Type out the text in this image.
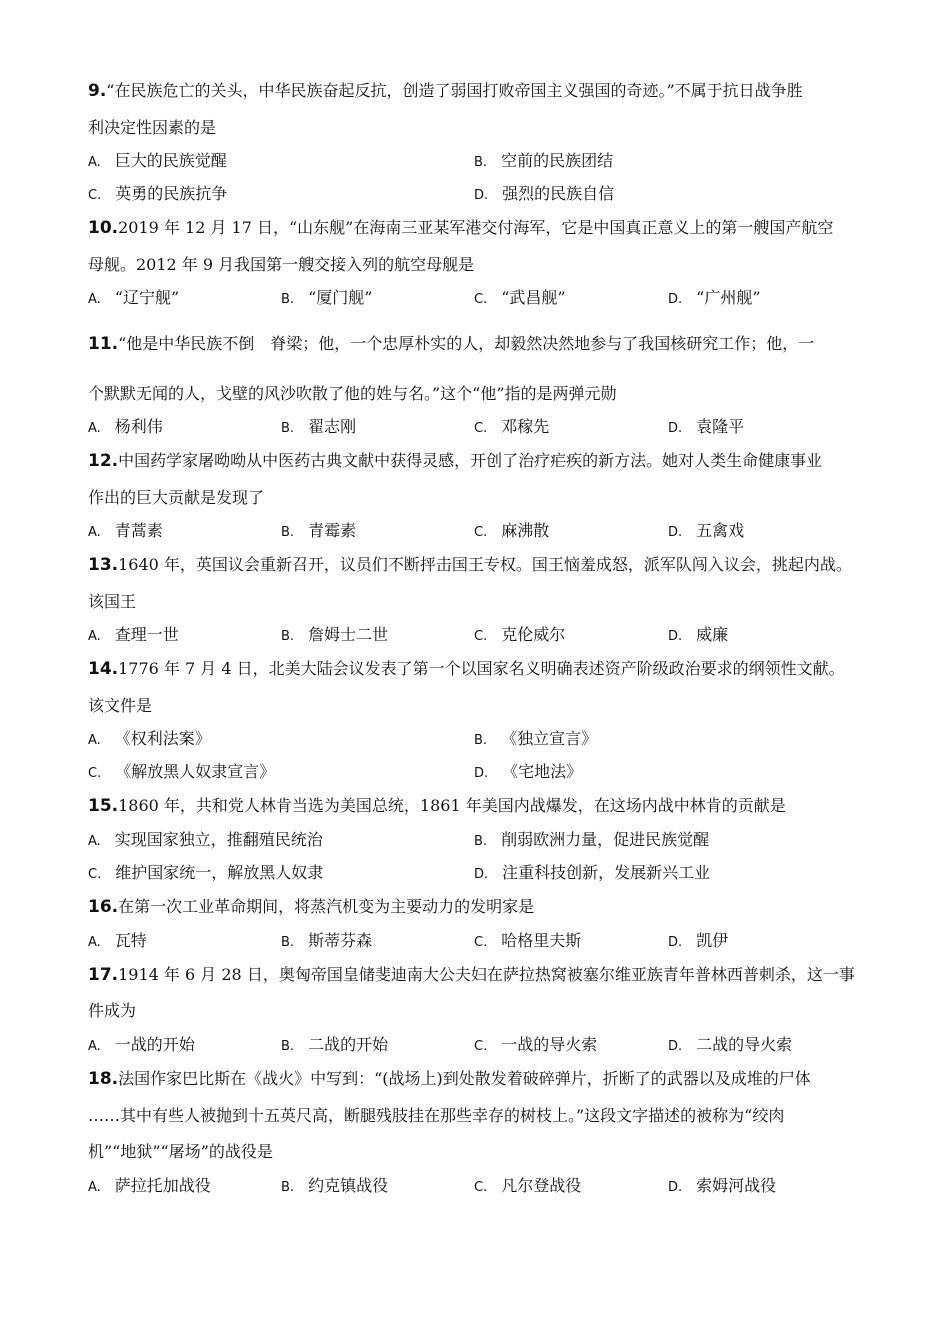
9.“在民族危亡的关头，中华民族奋起反抗，创造了弱国打败帝国主义强国的奇迹。”不属于抗日战争胜
利决定性因素的是
A. 巨大的民族觉醒	B. 空前的民族团结
C. 英勇的民族抗争	D. 强烈的民族自信
10.2019 年 12 月 17 日，“山东舰”在海南三亚某军港交付海军，它是中国真正意义上的第一艘国产航空
母舰。2012 年 9 月我国第一艘交接入列的航空母舰是
A. “辽宁舰”	B. “厦门舰”	C. “武昌舰”	D. “广州舰”
11.“他是中华民族不倒　脊梁；他，一个忠厚朴实的人，却毅然决然地参与了我国核研究工作；他，一
个默默无闻的人，戈壁的风沙吹散了他的姓与名。”这个“他”指的是两弹元勋
A. 杨利伟	B. 翟志刚	C. 邓稼先	D. 袁隆平
12.中国药学家屠呦呦从中医药古典文献中获得灵感，开创了治疗疟疾的新方法。她对人类生命健康事业
作出的巨大贡献是发现了
A. 青蒿素	B. 青霉素	C. 麻沸散	D. 五禽戏
13.1640 年，英国议会重新召开，议员们不断抨击国王专权。国王恼羞成怒，派军队闯入议会，挑起内战。
该国王
A. 查理一世	B. 詹姆士二世	C. 克伦威尔	D. 威廉
14.1776 年 7 月 4 日，北美大陆会议发表了第一个以国家名义明确表述资产阶级政治要求的纲领性文献。
该文件是
A. 《权利法案》	B. 《独立宣言》
C. 《解放黑人奴隶宣言》	D. 《宅地法》
15.1860 年，共和党人林肯当选为美国总统，1861 年美国内战爆发，在这场内战中林肯的贡献是
A. 实现国家独立，推翻殖民统治	B. 削弱欧洲力量，促进民族觉醒
C. 维护国家统一，解放黑人奴隶	D. 注重科技创新，发展新兴工业
16.在第一次工业革命期间，将蒸汽机变为主要动力的发明家是
A. 瓦特	B. 斯蒂芬森	C. 哈格里夫斯	D. 凯伊
17.1914 年 6 月 28 日，奥匈帝国皇储斐迪南大公夫妇在萨拉热窝被塞尔维亚族青年普林西普刺杀，这一事
件成为
A. 一战的开始	B. 二战的开始	C. 一战的导火索	D. 二战的导火索
18.法国作家巴比斯在《战火》中写到：“(战场上)到处散发着破碎弹片，折断了的武器以及成堆的尸体
……其中有些人被抛到十五英尺高，断腿残肢挂在那些幸存的树枝上。”这段文字描述的被称为“绞肉
机”“地狱”“屠场”的战役是
A. 萨拉托加战役	B. 约克镇战役	C. 凡尔登战役	D. 索姆河战役
